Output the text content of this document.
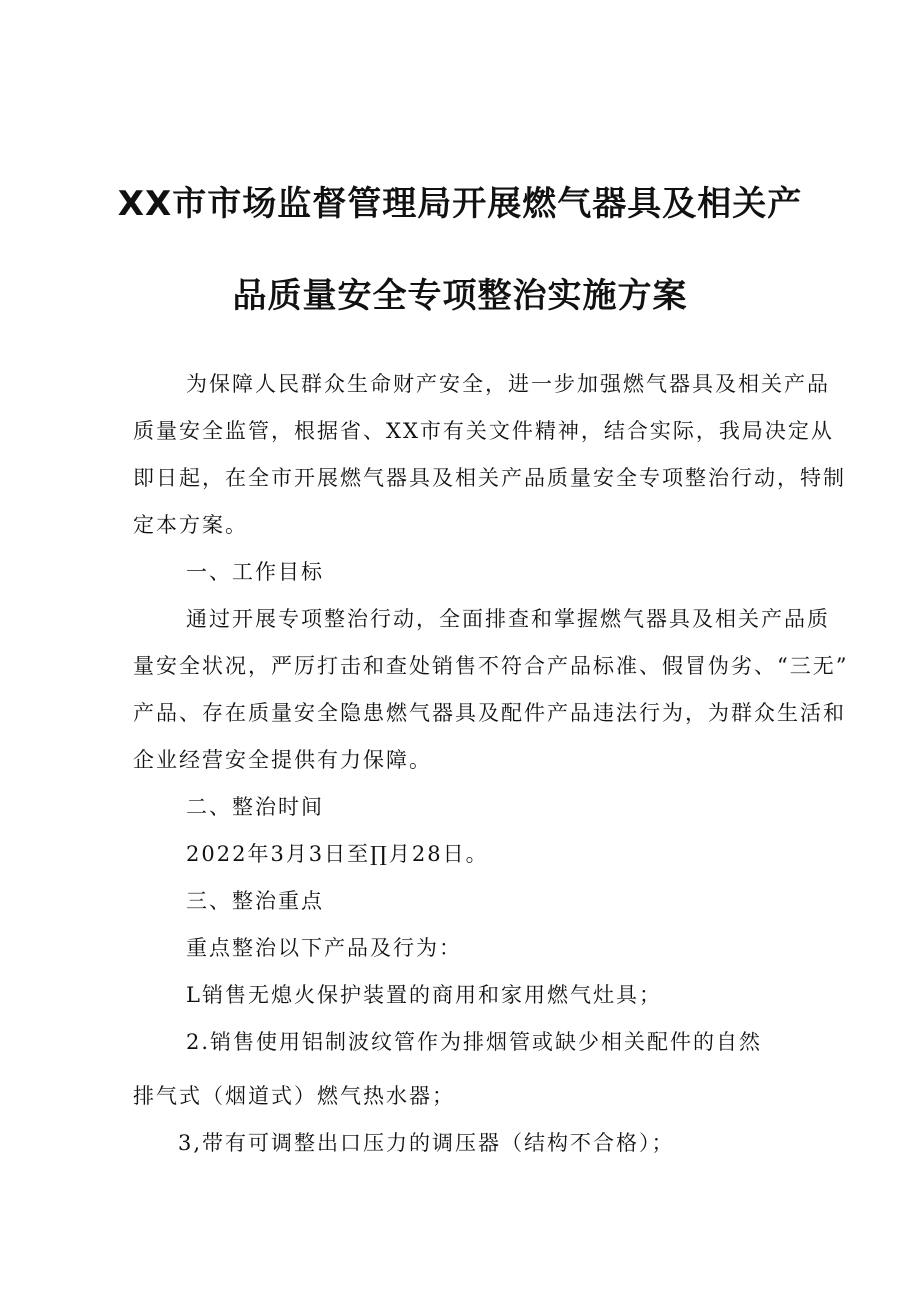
XX市市场监督管理局开展燃气器具及相关产
品质量安全专项整治实施方案
为保障人民群众生命财产安全，进一步加强燃气器具及相关产品
质量安全监管，根据省、XX市有关文件精神，结合实际，我局决定从
即日起，在全市开展燃气器具及相关产品质量安全专项整治行动，特制
定本方案。
一、工作目标
通过开展专项整治行动，全面排查和掌握燃气器具及相关产品质
量安全状况，严厉打击和查处销售不符合产品标准、假冒伪劣、“三无”
产品、存在质量安全隐患燃气器具及配件产品违法行为，为群众生活和
企业经营安全提供有力保障。
二、整治时间
2022年3月3日至∏月28日。
三、整治重点
重点整治以下产品及行为：
L销售无熄火保护装置的商用和家用燃气灶具；
2.销售使用铝制波纹管作为排烟管或缺少相关配件的自然
排气式（烟道式）燃气热水器；
3,带有可调整出口压力的调压器（结构不合格）；
